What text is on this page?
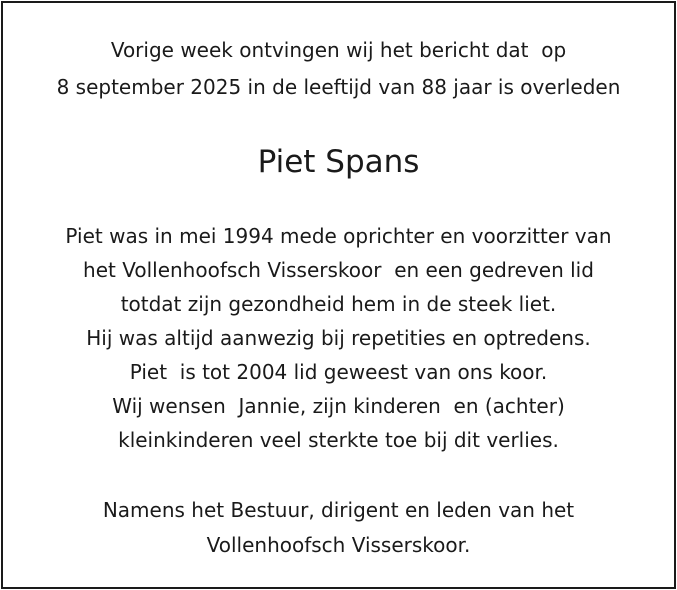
Vorige week ontvingen wij het bericht dat  op
8 september 2025 in de leeftijd van 88 jaar is overleden
Piet Spans
Piet was in mei 1994 mede oprichter en voorzitter van
het Vollenhoofsch Visserskoor  en een gedreven lid
totdat zijn gezondheid hem in de steek liet.
Hij was altijd aanwezig bij repetities en optredens.
Piet  is tot 2004 lid geweest van ons koor.
Wij wensen  Jannie, zijn kinderen  en (achter)
kleinkinderen veel sterkte toe bij dit verlies.
Namens het Bestuur, dirigent en leden van het
Vollenhoofsch Visserskoor.
